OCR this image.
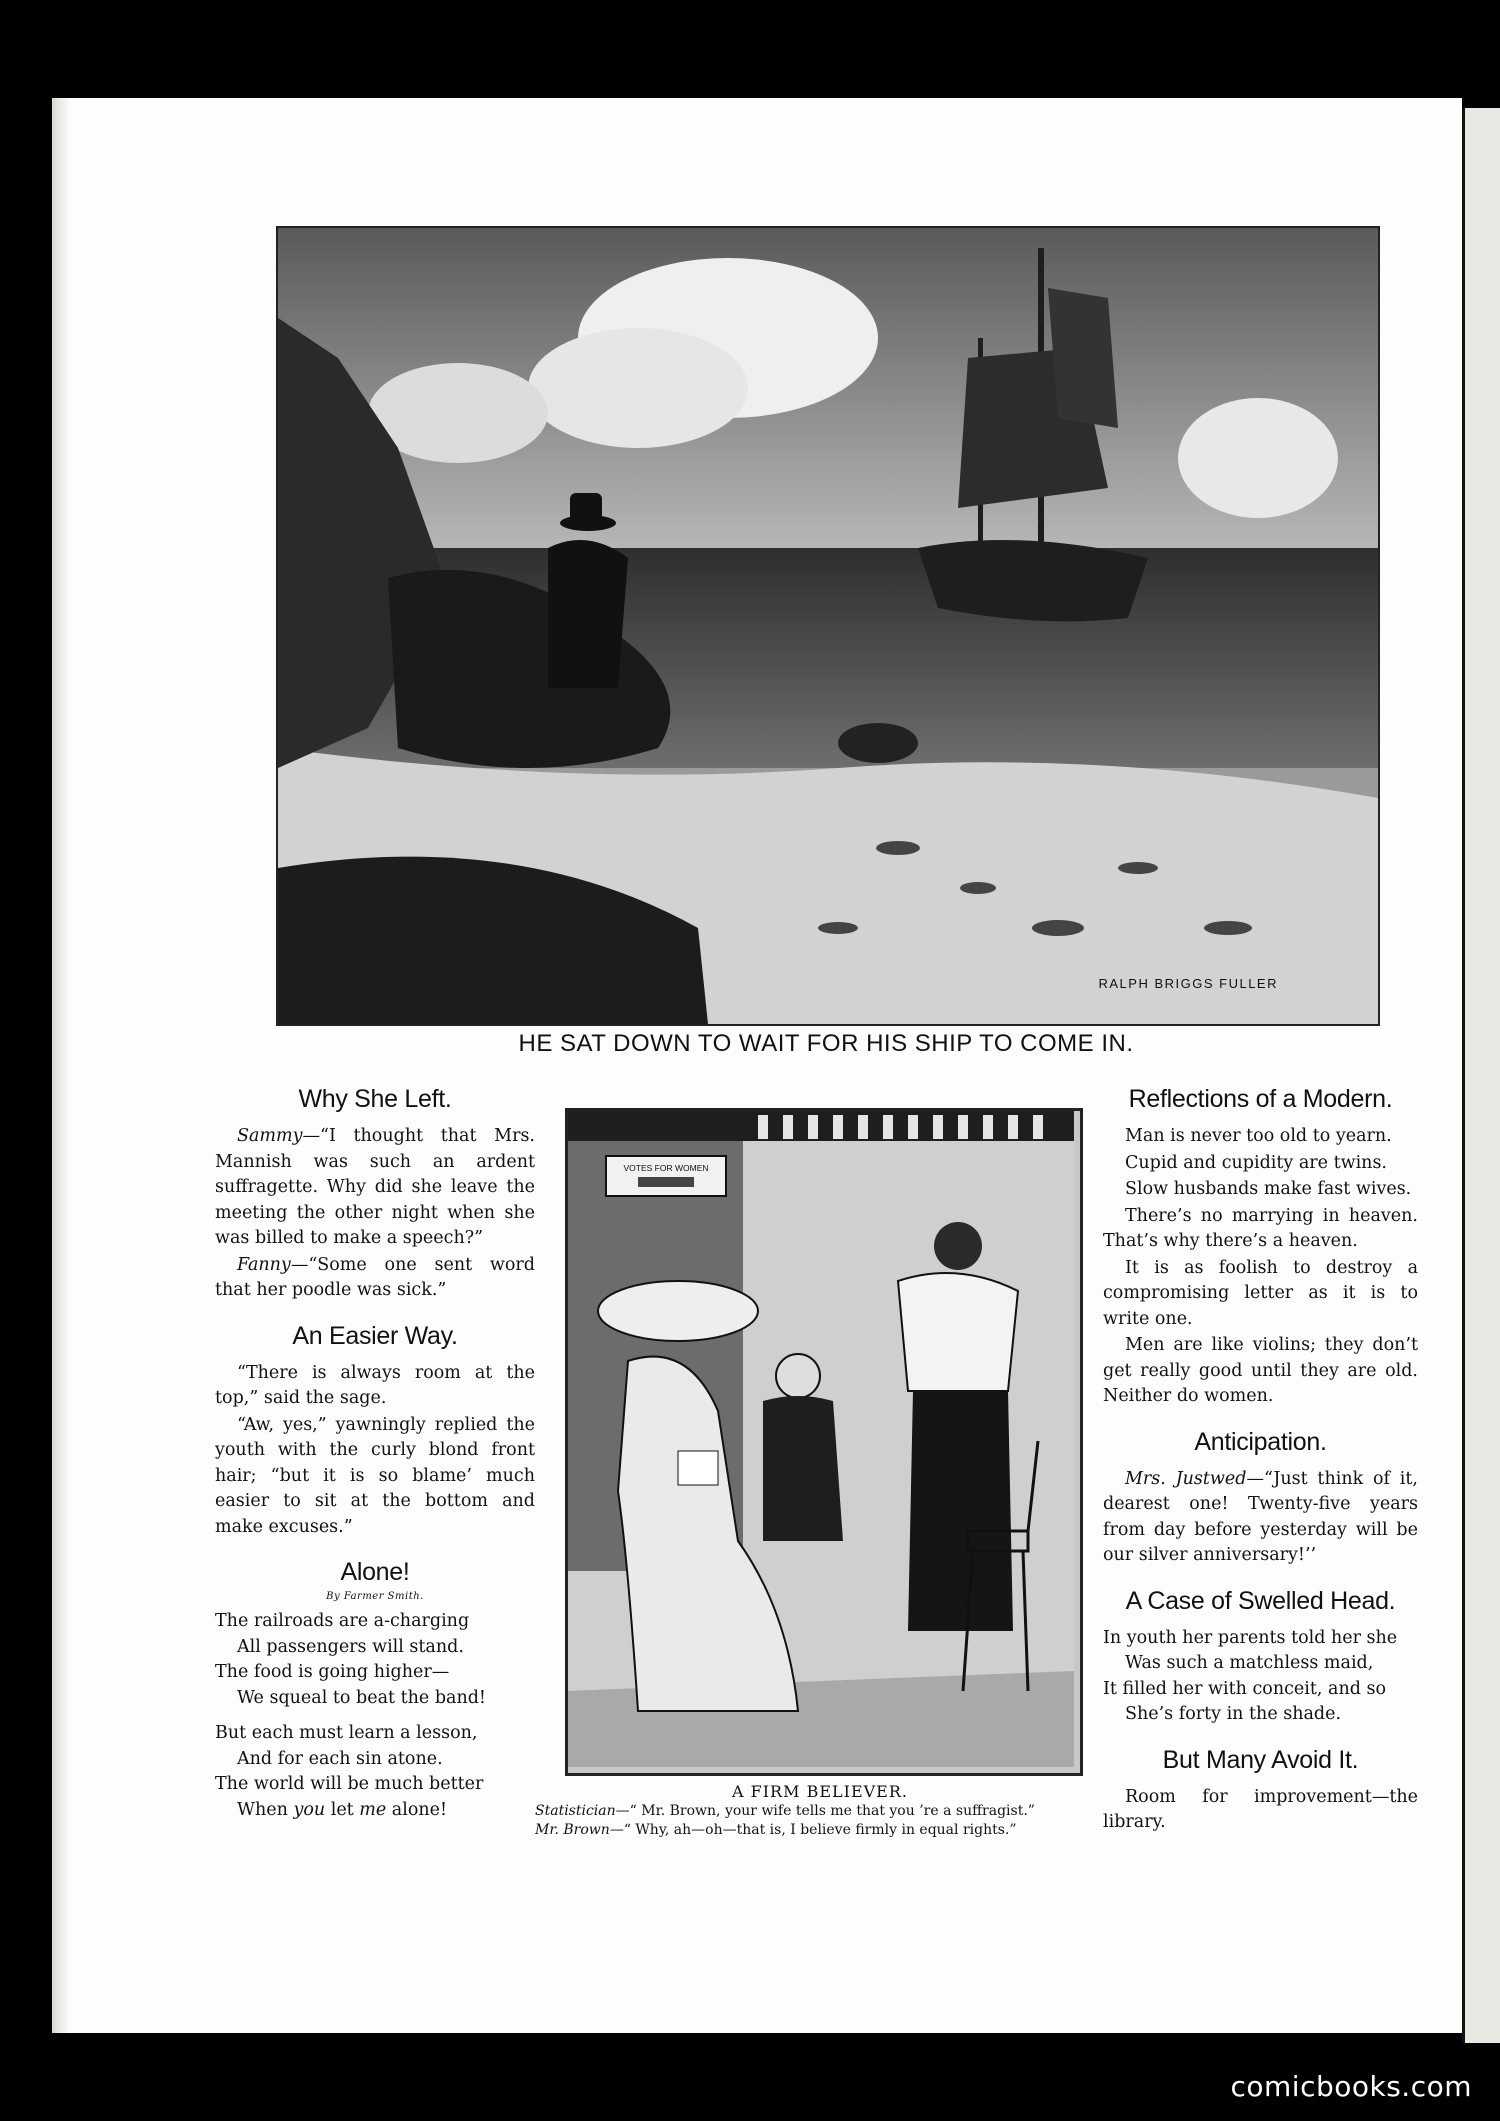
RALPH BRIGGS FULLER
HE SAT DOWN TO WAIT FOR HIS SHIP TO COME IN.
Why She Left.

Sammy—“I thought that Mrs. Mannish was such an ardent suffragette. Why did she leave the meeting the other night when she was billed to make a speech?”

Fanny—“Some one sent word that her poodle was sick.”

An Easier Way.

“There is always room at the top,” said the sage.

“Aw, yes,” yawningly replied the youth with the curly blond front hair; “but it is so blame’ much easier to sit at the bottom and make excuses.”

Alone!
By Farmer Smith.

The railroads are a-charging

All passengers will stand.

The food is going higher—

We squeal to beat the band!

But each must learn a lesson,

And for each sin atone.

The world will be much better

When you let me alone!

VOTES FOR WOMEN
A FIRM BELIEVER.

Statistician—“ Mr. Brown, your wife tells me that you ’re a suffragist.”

Mr. Brown—“ Why, ah—oh—that is, I believe firmly in equal rights.”

Reflections of a Modern.

Man is never too old to yearn.

Cupid and cupidity are twins.

Slow husbands make fast wives.

There’s no marrying in heaven. That’s why there’s a heaven.

It is as foolish to destroy a compromising letter as it is to write one.

Men are like violins; they don’t get really good until they are old. Neither do women.

Anticipation.

Mrs. Justwed—“Just think of it, dearest one! Twenty-five years from day before yesterday will be our silver anniversary!’’

A Case of Swelled Head.

In youth her parents told her she

Was such a matchless maid,

It filled her with conceit, and so

She’s forty in the shade.

But Many Avoid It.

Room for improvement—the library.

comicbooks.com
